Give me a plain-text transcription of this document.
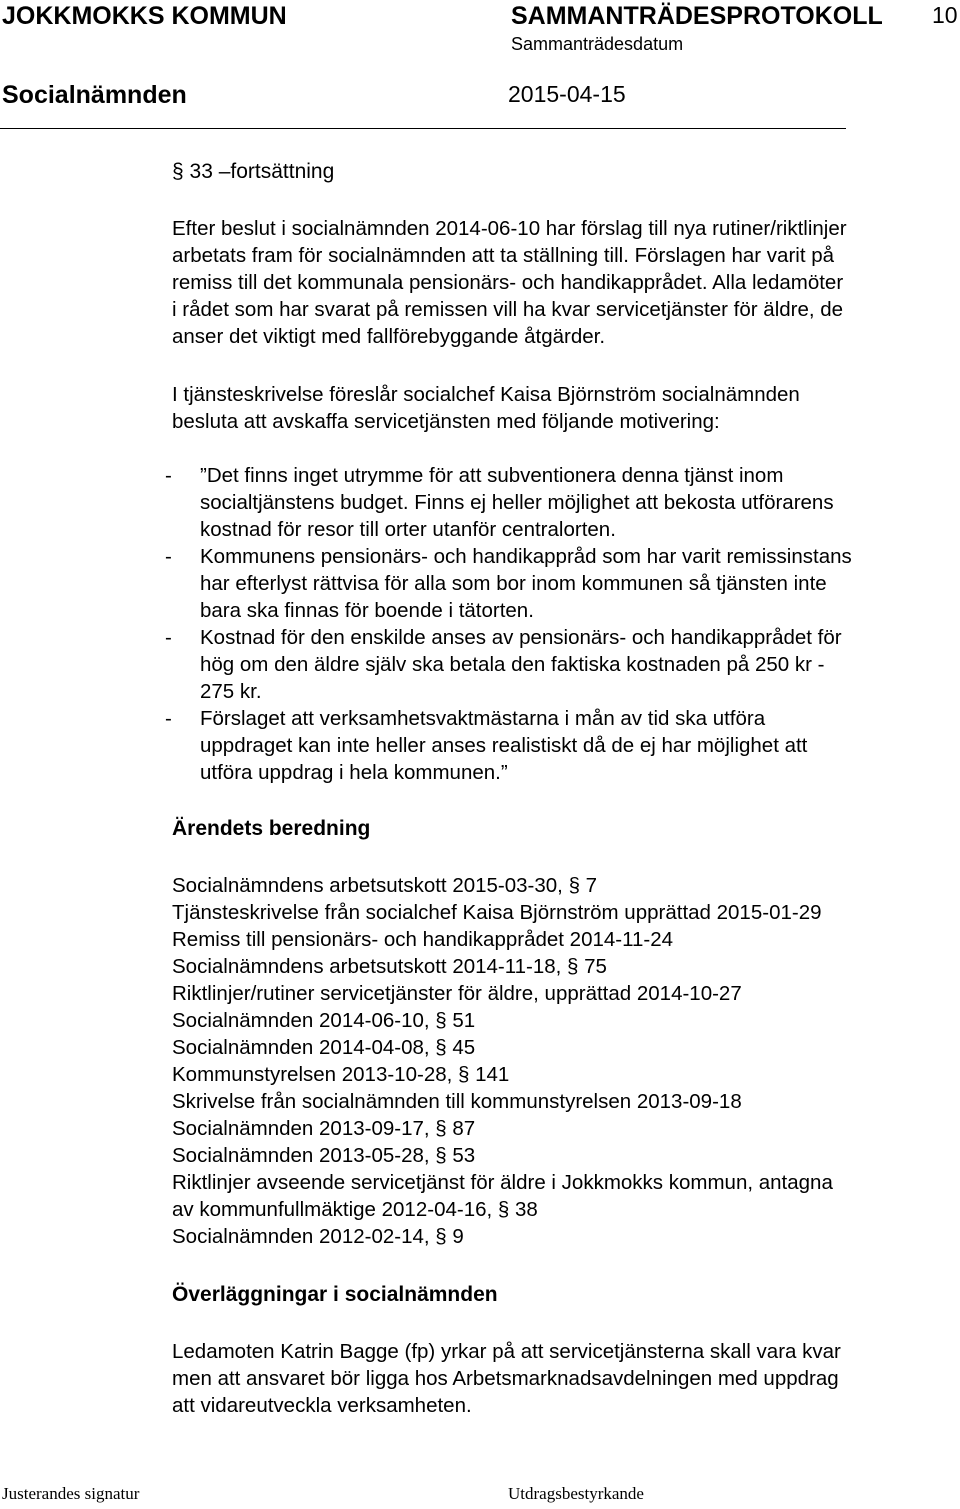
JOKKMOKKS KOMMUN	SAMMANTRÄDESPROTOKOLL 10
Sammanträdesdatum
Socialnämnden	2015-04-15
§ 33 –fortsättning
Efter beslut i socialnämnden 2014-06-10 har förslag till nya rutiner/riktlinjer
arbetats fram för socialnämnden att ta ställning till. Förslagen har varit på
remiss till det kommunala pensionärs- och handikapprådet. Alla ledamöter
i rådet som har svarat på remissen vill ha kvar servicetjänster för äldre, de
anser det viktigt med fallförebyggande åtgärder.
I tjänsteskrivelse föreslår socialchef Kaisa Björnström socialnämnden
besluta att avskaffa servicetjänsten med följande motivering:
- ”Det finns inget utrymme för att subventionera denna tjänst inom
socialtjänstens budget. Finns ej heller möjlighet att bekosta utförarens
kostnad för resor till orter utanför centralorten.
- Kommunens pensionärs- och handikappråd som har varit remissinstans
har efterlyst rättvisa för alla som bor inom kommunen så tjänsten inte
bara ska finnas för boende i tätorten.
- Kostnad för den enskilde anses av pensionärs- och handikapprådet för
hög om den äldre själv ska betala den faktiska kostnaden på 250 kr -
275 kr.
- Förslaget att verksamhetsvaktmästarna i mån av tid ska utföra
uppdraget kan inte heller anses realistiskt då de ej har möjlighet att
utföra uppdrag i hela kommunen.”
Ärendets beredning
Socialnämndens arbetsutskott 2015-03-30, § 7
Tjänsteskrivelse från socialchef Kaisa Björnström upprättad 2015-01-29
Remiss till pensionärs- och handikapprådet 2014-11-24
Socialnämndens arbetsutskott 2014-11-18, § 75
Riktlinjer/rutiner servicetjänster för äldre, upprättad 2014-10-27
Socialnämnden 2014-06-10, § 51
Socialnämnden 2014-04-08, § 45
Kommunstyrelsen 2013-10-28, § 141
Skrivelse från socialnämnden till kommunstyrelsen 2013-09-18
Socialnämnden 2013-09-17, § 87
Socialnämnden 2013-05-28, § 53
Riktlinjer avseende servicetjänst för äldre i Jokkmokks kommun, antagna
av kommunfullmäktige 2012-04-16, § 38
Socialnämnden 2012-02-14, § 9
Överläggningar i socialnämnden
Ledamoten Katrin Bagge (fp) yrkar på att servicetjänsterna skall vara kvar
men att ansvaret bör ligga hos Arbetsmarknadsavdelningen med uppdrag
att vidareutveckla verksamheten.
Justerandes signatur	Utdragsbestyrkande
